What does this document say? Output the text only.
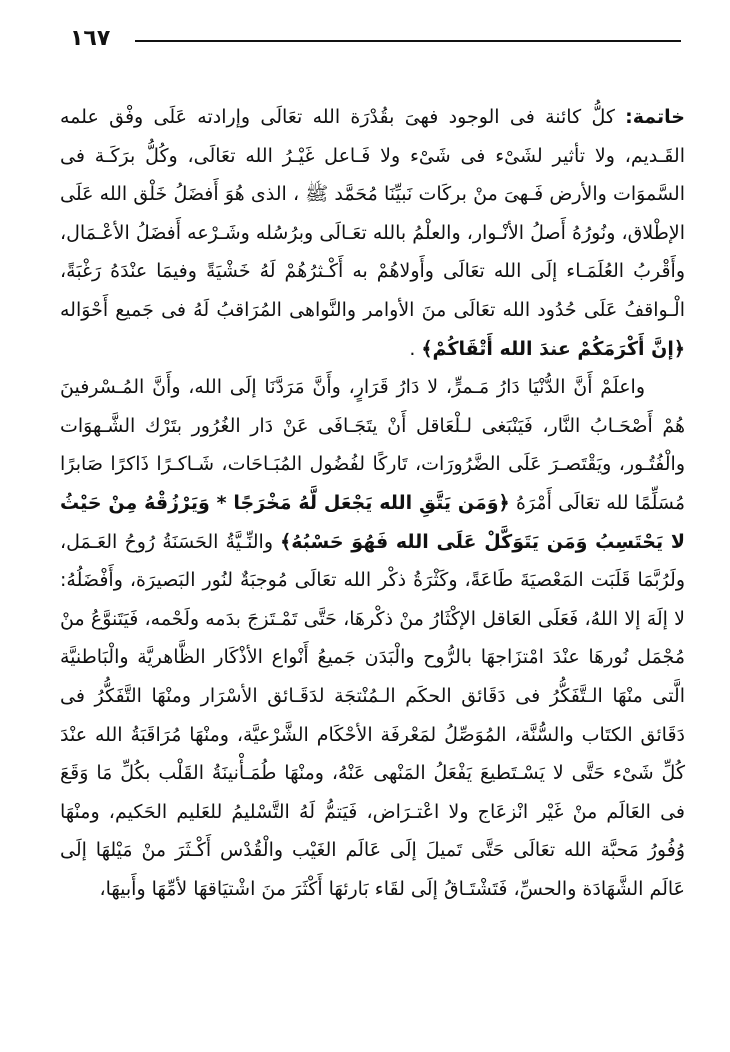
١٦٧

خاتمة: كلُّ كائنة فى الوجود فهىَ بقُدْرَة الله تعَالَى وإرادته عَلَى وفْق علمه القَـديم، ولا تأثير لشَىْء فى شَىْء ولا فَـاعل غَيْـرُ الله تعَالَى، وكُلُّ برَكَـة فى السَّموَات والأرض فَـهىَ منْ بركَات نَبيِّنَا مُحَمَّد ﷺ ، الذى هُوَ أَفضَلُ خَلْق الله عَلَى الإطْلاق، ونُورُهُ أَصلُ الأنْـوار، والعلْمُ بالله تعَـالَى وبرُسُله وشَـرْعه أَفضَلُ الأعْـمَال، وأَقْربُ العُلَمَـاء إلَى الله تعَالَى وأَولاهُمْ به أَكْـثرُهُمْ لَهُ خَشْيَةً وفيمَا عنْدَهُ رَغْبَةً، الْـواقفُ عَلَى حُدُود الله تعَالَى منَ الأوامر والنَّواهى المُرَاقبُ لَهُ فى جَميع أَحْوَاله ﴿إنَّ أَكْرَمَكُمْ عندَ الله أَتْقَاكُمْ﴾ .

واعلَمْ أَنَّ الدُّنْيَا دَارُ مَـمرٍّ، لا دَارُ قَرَارٍ، وأَنَّ مَرَدَّنَا إلَى الله، وأَنَّ المُـسْرفينَ هُمْ أَصْحَـابُ النَّار، فَيَنْبَغى لـلْعَاقل أَنْ يتَجَـافَى عَنْ دَار الغُرُور بتَرْك الشَّـهوَات والْفُتُـور، ويَقْتَصـرَ عَلَى الضَّرُورَات، تَاركًا لفُضُول المُبَـاحَات، شَـاكـرًا ذَاكرًا صَابرًا مُسَلِّمًا لله تعَالَى أَمْرَهُ ﴿وَمَن يَتَّقِ الله يَجْعَل لَّهُ مَخْرَجًا * وَيَرْزُقْهُ مِنْ حَيْثُ لا يَحْتَسِبُ وَمَن يَتَوَكَّلْ عَلَى الله فَهُوَ حَسْبُهُ﴾ والنِّـيَّةُ الحَسَنَةُ رُوحُ العَـمَل، ولَرُبَّمَا قَلَبَت المَعْصيَةَ طَاعَةً، وكَثْرَةُ ذكْر الله تعَالَى مُوجبَةٌ لنُور البَصيرَة، وأَفْضَلُهُ: لا إلَهَ إلا اللهُ، فَعَلَى العَاقل الإكْثَارُ منْ ذكْرهَا، حَتَّى تَمْـتَزجَ بدَمه ولَحْمه، فَيَتَنوَّعُ منْ مُجْمَل نُورهَا عنْدَ امْتزَاجهَا بالرُّوح والْبَدَن جَميعُ أَنْواع الأذْكَار الظَّاهريَّة والْبَاطنيَّة الَّتى منْهَا الـتَّفَكُّرُ فى دَقَائق الحكَم الـمُنْتجَة لدَقَـائق الأسْرَار ومنْهَا التَّفَكُّرُ فى دَقَائق الكتَاب والسُّنَّة، المُوَصِّلُ لمَعْرفَة الأحْكَام الشَّرْعيَّة، ومنْهَا مُرَاقَبَةُ الله عنْدَ كُلِّ شَىْء حَتَّى لا يَسْـتَطيعَ يَفْعَلُ المَنْهى عَنْهُ، ومنْهَا طُمَـأْنينَةُ القَلْب بكُلِّ مَا وَقَعَ فى العَالَم منْ غَيْر انْزعَاج ولا اعْتـرَاض، فَيَتمُّ لَهُ التَّسْليمُ للعَليم الحَكيم، ومنْهَا وُفُورُ مَحبَّة الله تعَالَى حَتَّى تَميلَ إلَى عَالَم الغَيْب والْقُدْس أَكْـثَرَ منْ مَيْلهَا إلَى عَالَم الشَّهَادَة والحسِّ، فَتَشْتَـاقُ إلَى لقَاء بَارئهَا أَكْثَرَ منَ اشْتيَاقهَا لأمِّهَا وأَبيهَا،
